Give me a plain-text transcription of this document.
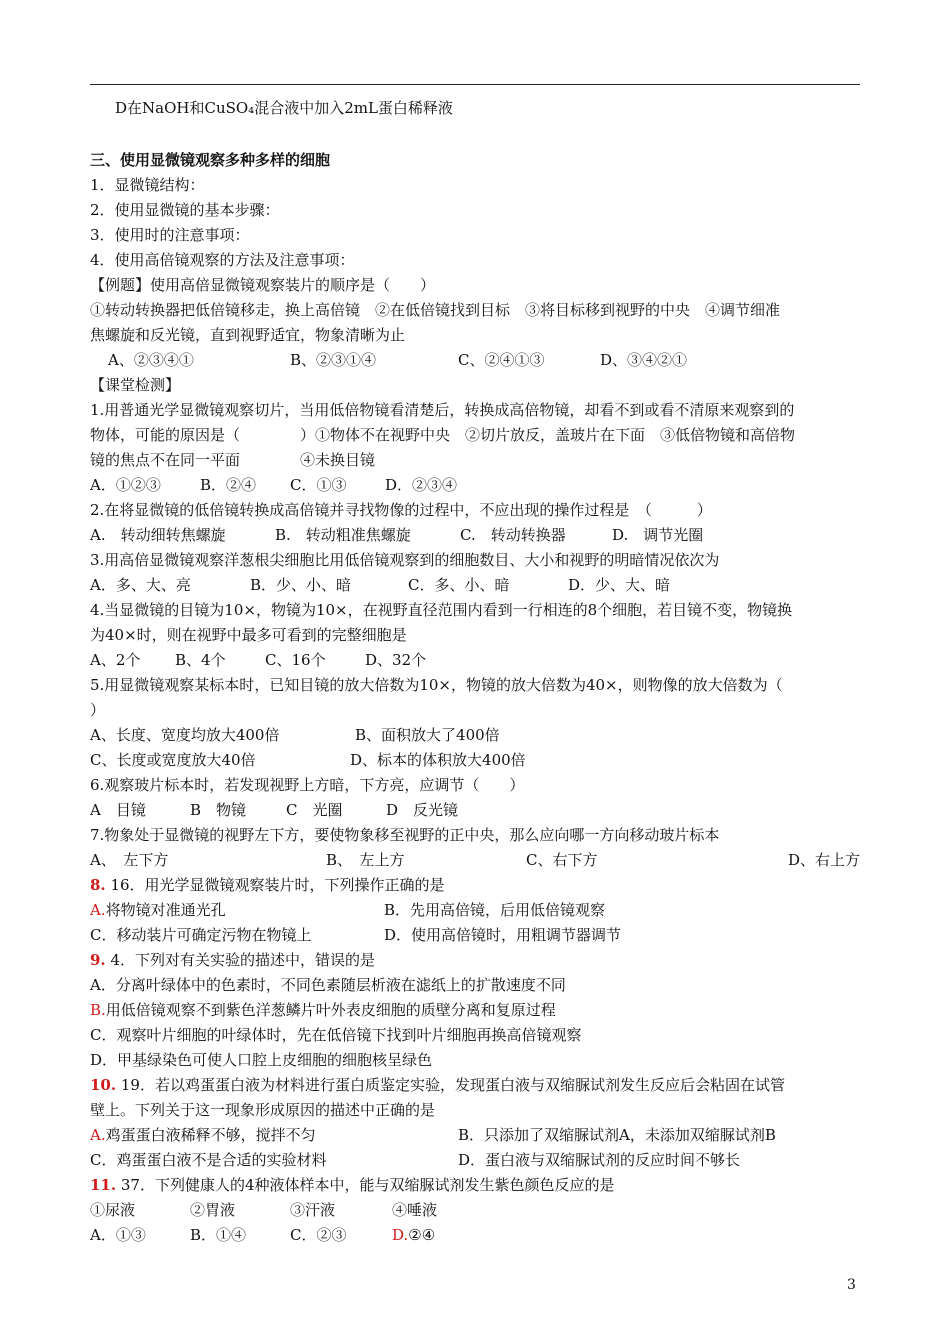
D在NaOH和CuSO₄混合液中加入2mL蛋白稀释液
三、使用显微镜观察多种多样的细胞
1．显微镜结构：
2．使用显微镜的基本步骤：
3．使用时的注意事项：
4．使用高倍镜观察的方法及注意事项：
【例题】使用高倍显微镜观察装片的顺序是（　　）
①转动转换器把低倍镜移走，换上高倍镜　②在低倍镜找到目标　③将目标移到视野的中央　④调节细准
焦螺旋和反光镜，直到视野适宜，物象清晰为止
A、②③④①	B、②③①④	C、②④①③	D、③④②①
【课堂检测】
1.用普通光学显微镜观察切片，当用低倍物镜看清楚后，转换成高倍物镜，却看不到或看不清原来观察到的
物体，可能的原因是（　　　　）①物体不在视野中央　②切片放反，盖玻片在下面　③低倍物镜和高倍物
镜的焦点不在同一平面　　　　④未换目镜
A．①②③	B．②④ C．①③	D．②③④
2.在将显微镜的低倍镜转换成高倍镜并寻找物像的过程中，不应出现的操作过程是　（　　　）
A.　转动细转焦螺旋	B.　转动粗准焦螺旋	C.　转动转换器	D.　调节光圈
3.用高倍显微镜观察洋葱根尖细胞比用低倍镜观察到的细胞数目、大小和视野的明暗情况依次为
A．多、大、亮	B．少、小、暗	C．多、小、暗	D．少、大、暗
4.当显微镜的目镜为10×，物镜为10×，在视野直径范围内看到一行相连的8个细胞，若目镜不变，物镜换
为40×时，则在视野中最多可看到的完整细胞是
A、2个 B、4个	C、16个	D、32个
5.用显微镜观察某标本时，已知目镜的放大倍数为10×，物镜的放大倍数为40×，则物像的放大倍数为（
）
A、长度、宽度均放大400倍	B、面积放大了400倍
C、长度或宽度放大40倍	D、标本的体积放大400倍
6.观察玻片标本时，若发现视野上方暗，下方亮，应调节（　　）
A　目镜	B　物镜	C　光圈	D　反光镜
7.物象处于显微镜的视野左下方，要使物象移至视野的正中央，那么应向哪一方向移动玻片标本
A、　左下方	B、　左上方	C、右下方	D、右上方
8. 16．用光学显微镜观察装片时，下列操作正确的是
A.将物镜对准通光孔	B．先用高倍镜，后用低倍镜观察
C．移动装片可确定污物在物镜上	D．使用高倍镜时，用粗调节器调节
9. 4．下列对有关实验的描述中，错误的是
A．分离叶绿体中的色素时，不同色素随层析液在滤纸上的扩散速度不同
B.用低倍镜观察不到紫色洋葱鳞片叶外表皮细胞的质壁分离和复原过程
C．观察叶片细胞的叶绿体时，先在低倍镜下找到叶片细胞再换高倍镜观察
D．甲基绿染色可使人口腔上皮细胞的细胞核呈绿色
10. 19．若以鸡蛋蛋白液为材料进行蛋白质鉴定实验，发现蛋白液与双缩脲试剂发生反应后会粘固在试管
壁上。下列关于这一现象形成原因的描述中正确的是
A.鸡蛋蛋白液稀释不够，搅拌不匀	B．只添加了双缩脲试剂A，未添加双缩脲试剂B
C．鸡蛋蛋白液不是合适的实验材料	D．蛋白液与双缩脲试剂的反应时间不够长
11. 37．下列健康人的4种液体样本中，能与双缩脲试剂发生紫色颜色反应的是
①尿液	②胃液	③汗液	④唾液
A．①③	B．①④	C．②③	D.②④
3
